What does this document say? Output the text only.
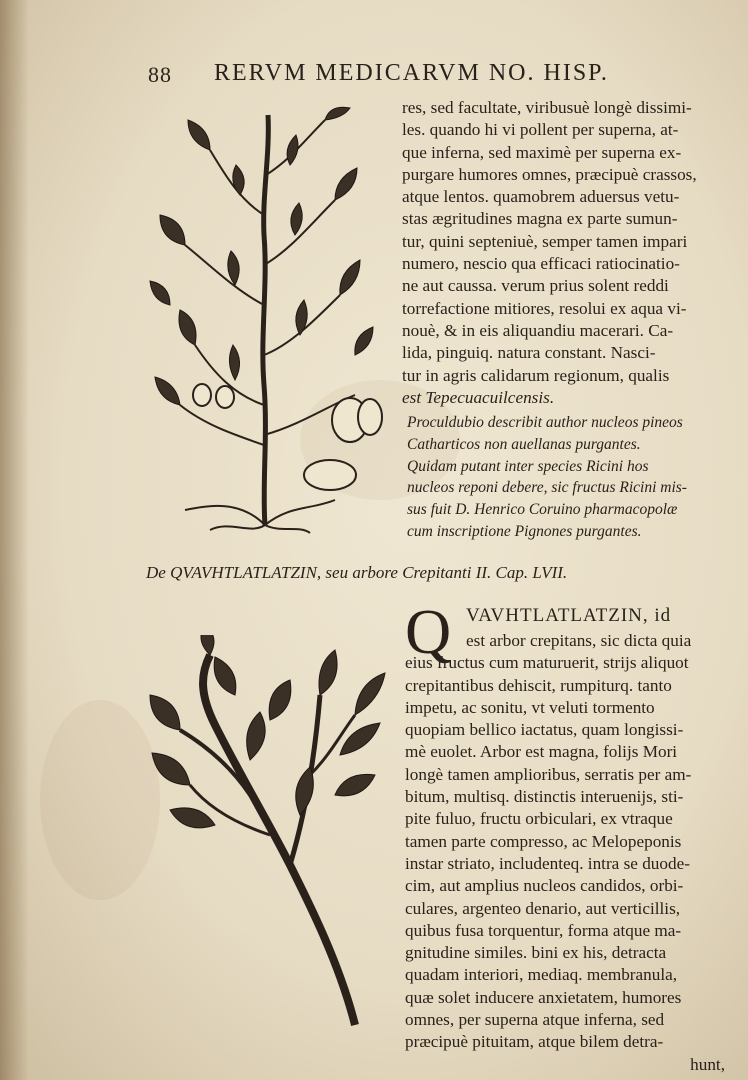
88 RERVM MEDICARVM NO. HISP.
res, sed facultate, viribusuè longè dissimi-
les. quando hi vi pollent per superna, at-
que inferna, sed maximè per superna ex-
purgare humores omnes, præcipuè crassos,
atque lentos. quamobrem aduersus vetu-
stas ægritudines magna ex parte sumun-
tur, quini septeniuè, semper tamen impari
numero, nescio qua efficaci ratiocinatio-
ne aut caussa. verum prius solent reddi
torrefactione mitiores, resolui ex aqua vi-
nouè, & in eis aliquandiu macerari. Ca-
lida, pinguiq. natura constant. Nasci-
tur in agris calidarum regionum, qualis
est Tepecuacuilcensis.
Proculdubio describit author nucleos pineos
Catharticos non auellanas purgantes.
Quidam putant inter species Ricini hos
nucleos reponi debere, sic fructus Ricini mis-
sus fuit D. Henrico Coruino pharmacopolæ
cum inscriptione Pignones purgantes.
De QVAVHTLATLATZIN, seu arbore Crepitanti II. Cap. LVII.
Q VAVHTLATLATZIN, id
est arbor crepitans, sic dicta quia
eius fructus cum maturuerit, strijs aliquot
crepitantibus dehiscit, rumpiturq. tanto
impetu, ac sonitu, vt veluti tormento
quopiam bellico iactatus, quam longissi-
mè euolet. Arbor est magna, folijs Mori
longè tamen amplioribus, serratis per am-
bitum, multisq. distinctis interuenijs, sti-
pite fuluo, fructu orbiculari, ex vtraque
tamen parte compresso, ac Melopeponis
instar striato, includenteq. intra se duode-
cim, aut amplius nucleos candidos, orbi-
culares, argenteo denario, aut verticillis,
quibus fusa torquentur, forma atque ma-
gnitudine similes. bini ex his, detracta
quadam interiori, mediaq. membranula,
quæ solet inducere anxietatem, humores
omnes, per superna atque inferna, sed
præcipuè pituitam, atque bilem detra-
hunt,
